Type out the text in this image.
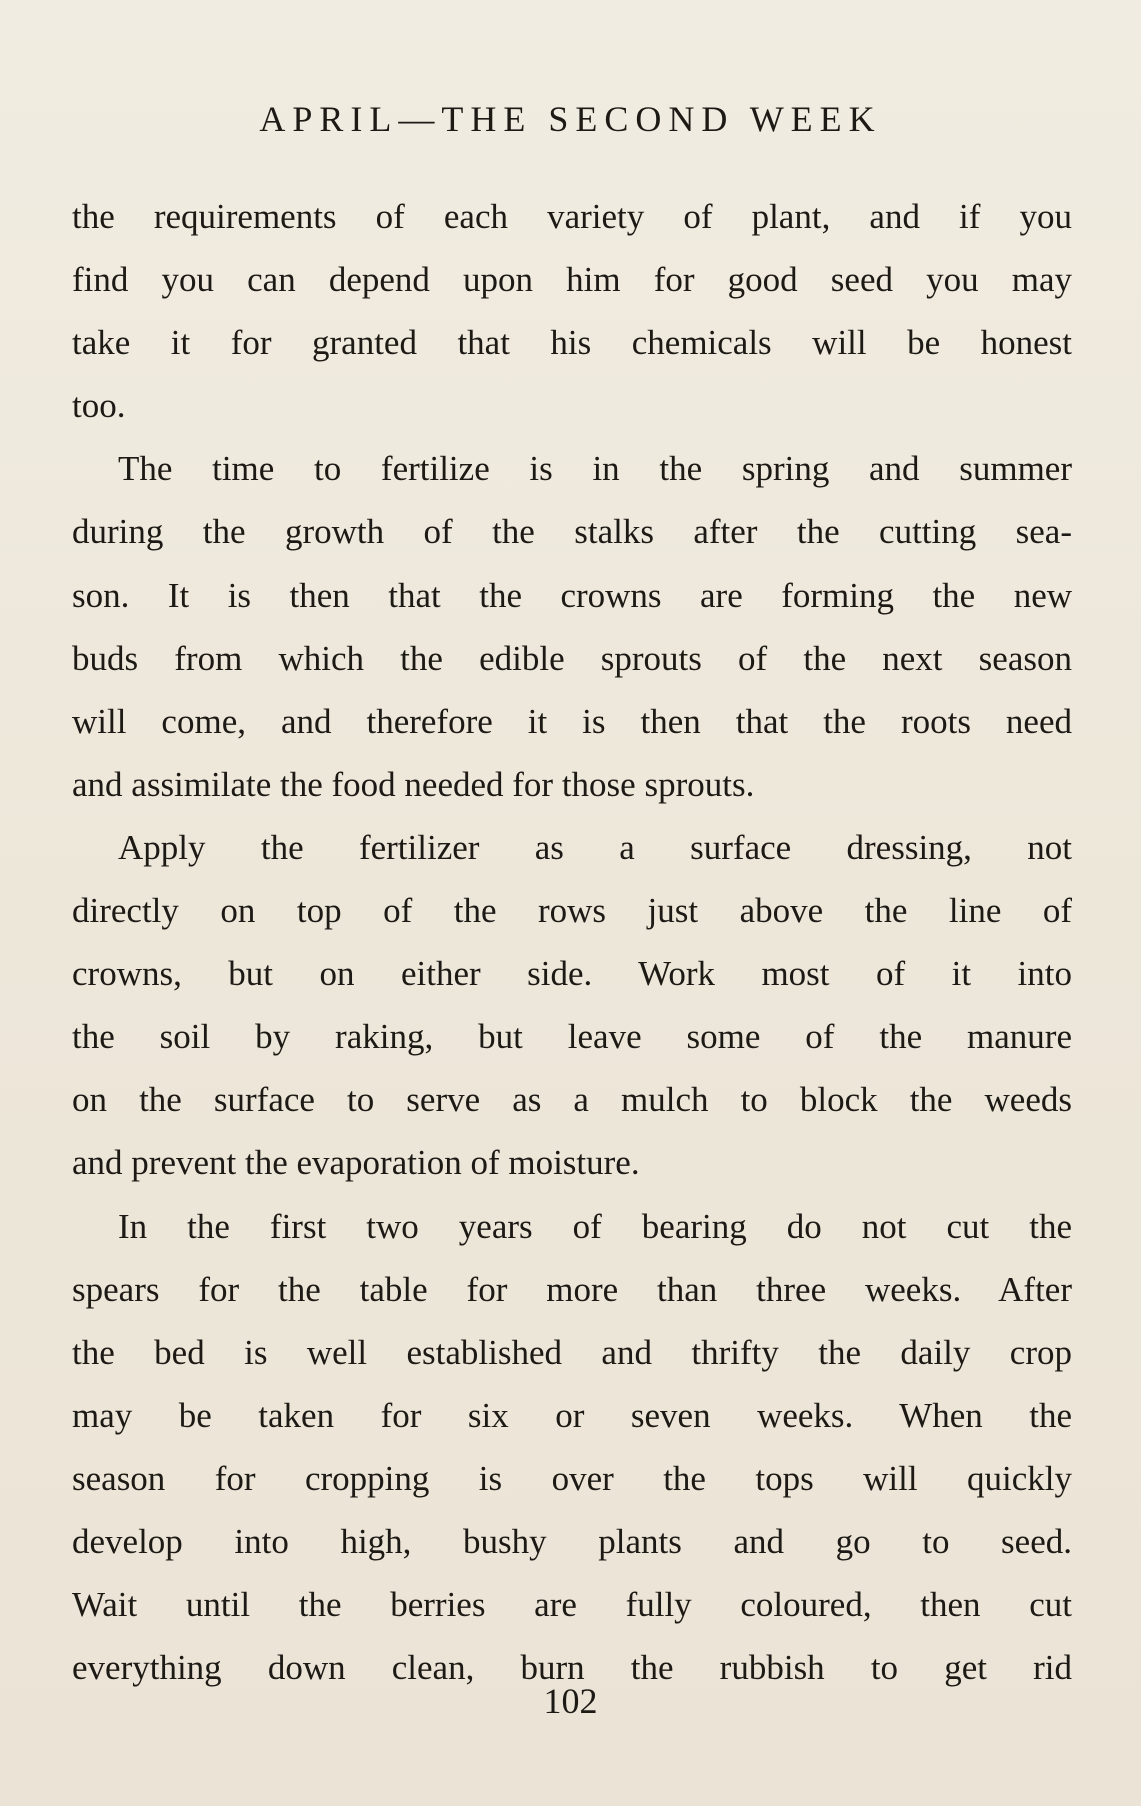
APRIL—THE SECOND WEEK
the requirements of each variety of plant, and if you
find you can depend upon him for good seed you may
take it for granted that his chemicals will be honest
too.
The time to fertilize is in the spring and summer
during the growth of the stalks after the cutting sea-
son. It is then that the crowns are forming the new
buds from which the edible sprouts of the next season
will come, and therefore it is then that the roots need
and assimilate the food needed for those sprouts.
Apply the fertilizer as a surface dressing, not
directly on top of the rows just above the line of
crowns, but on either side. Work most of it into
the soil by raking, but leave some of the manure
on the surface to serve as a mulch to block the weeds
and prevent the evaporation of moisture.
In the first two years of bearing do not cut the
spears for the table for more than three weeks. After
the bed is well established and thrifty the daily crop
may be taken for six or seven weeks. When the
season for cropping is over the tops will quickly
develop into high, bushy plants and go to seed.
Wait until the berries are fully coloured, then cut
everything down clean, burn the rubbish to get rid
102
